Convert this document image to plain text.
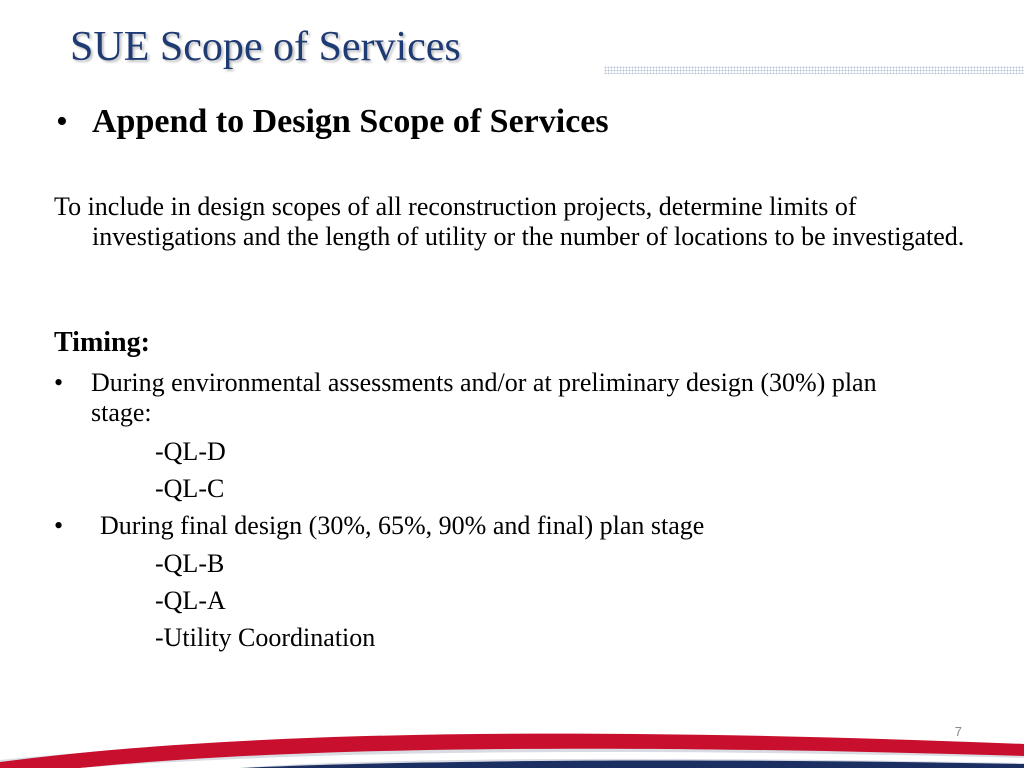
SUE Scope of Services
• Append to Design Scope of Services

To include in design scopes of all reconstruction projects, determine limits of investigations and the length of utility or the number of locations to be investigated.

Timing:

•	During environmental assessments and/or at preliminary design (30%) plan stage:
-QL-D
-QL-C
•	During final design (30%, 65%, 90% and final) plan stage
-QL-B
-QL-A
-Utility Coordination
7
